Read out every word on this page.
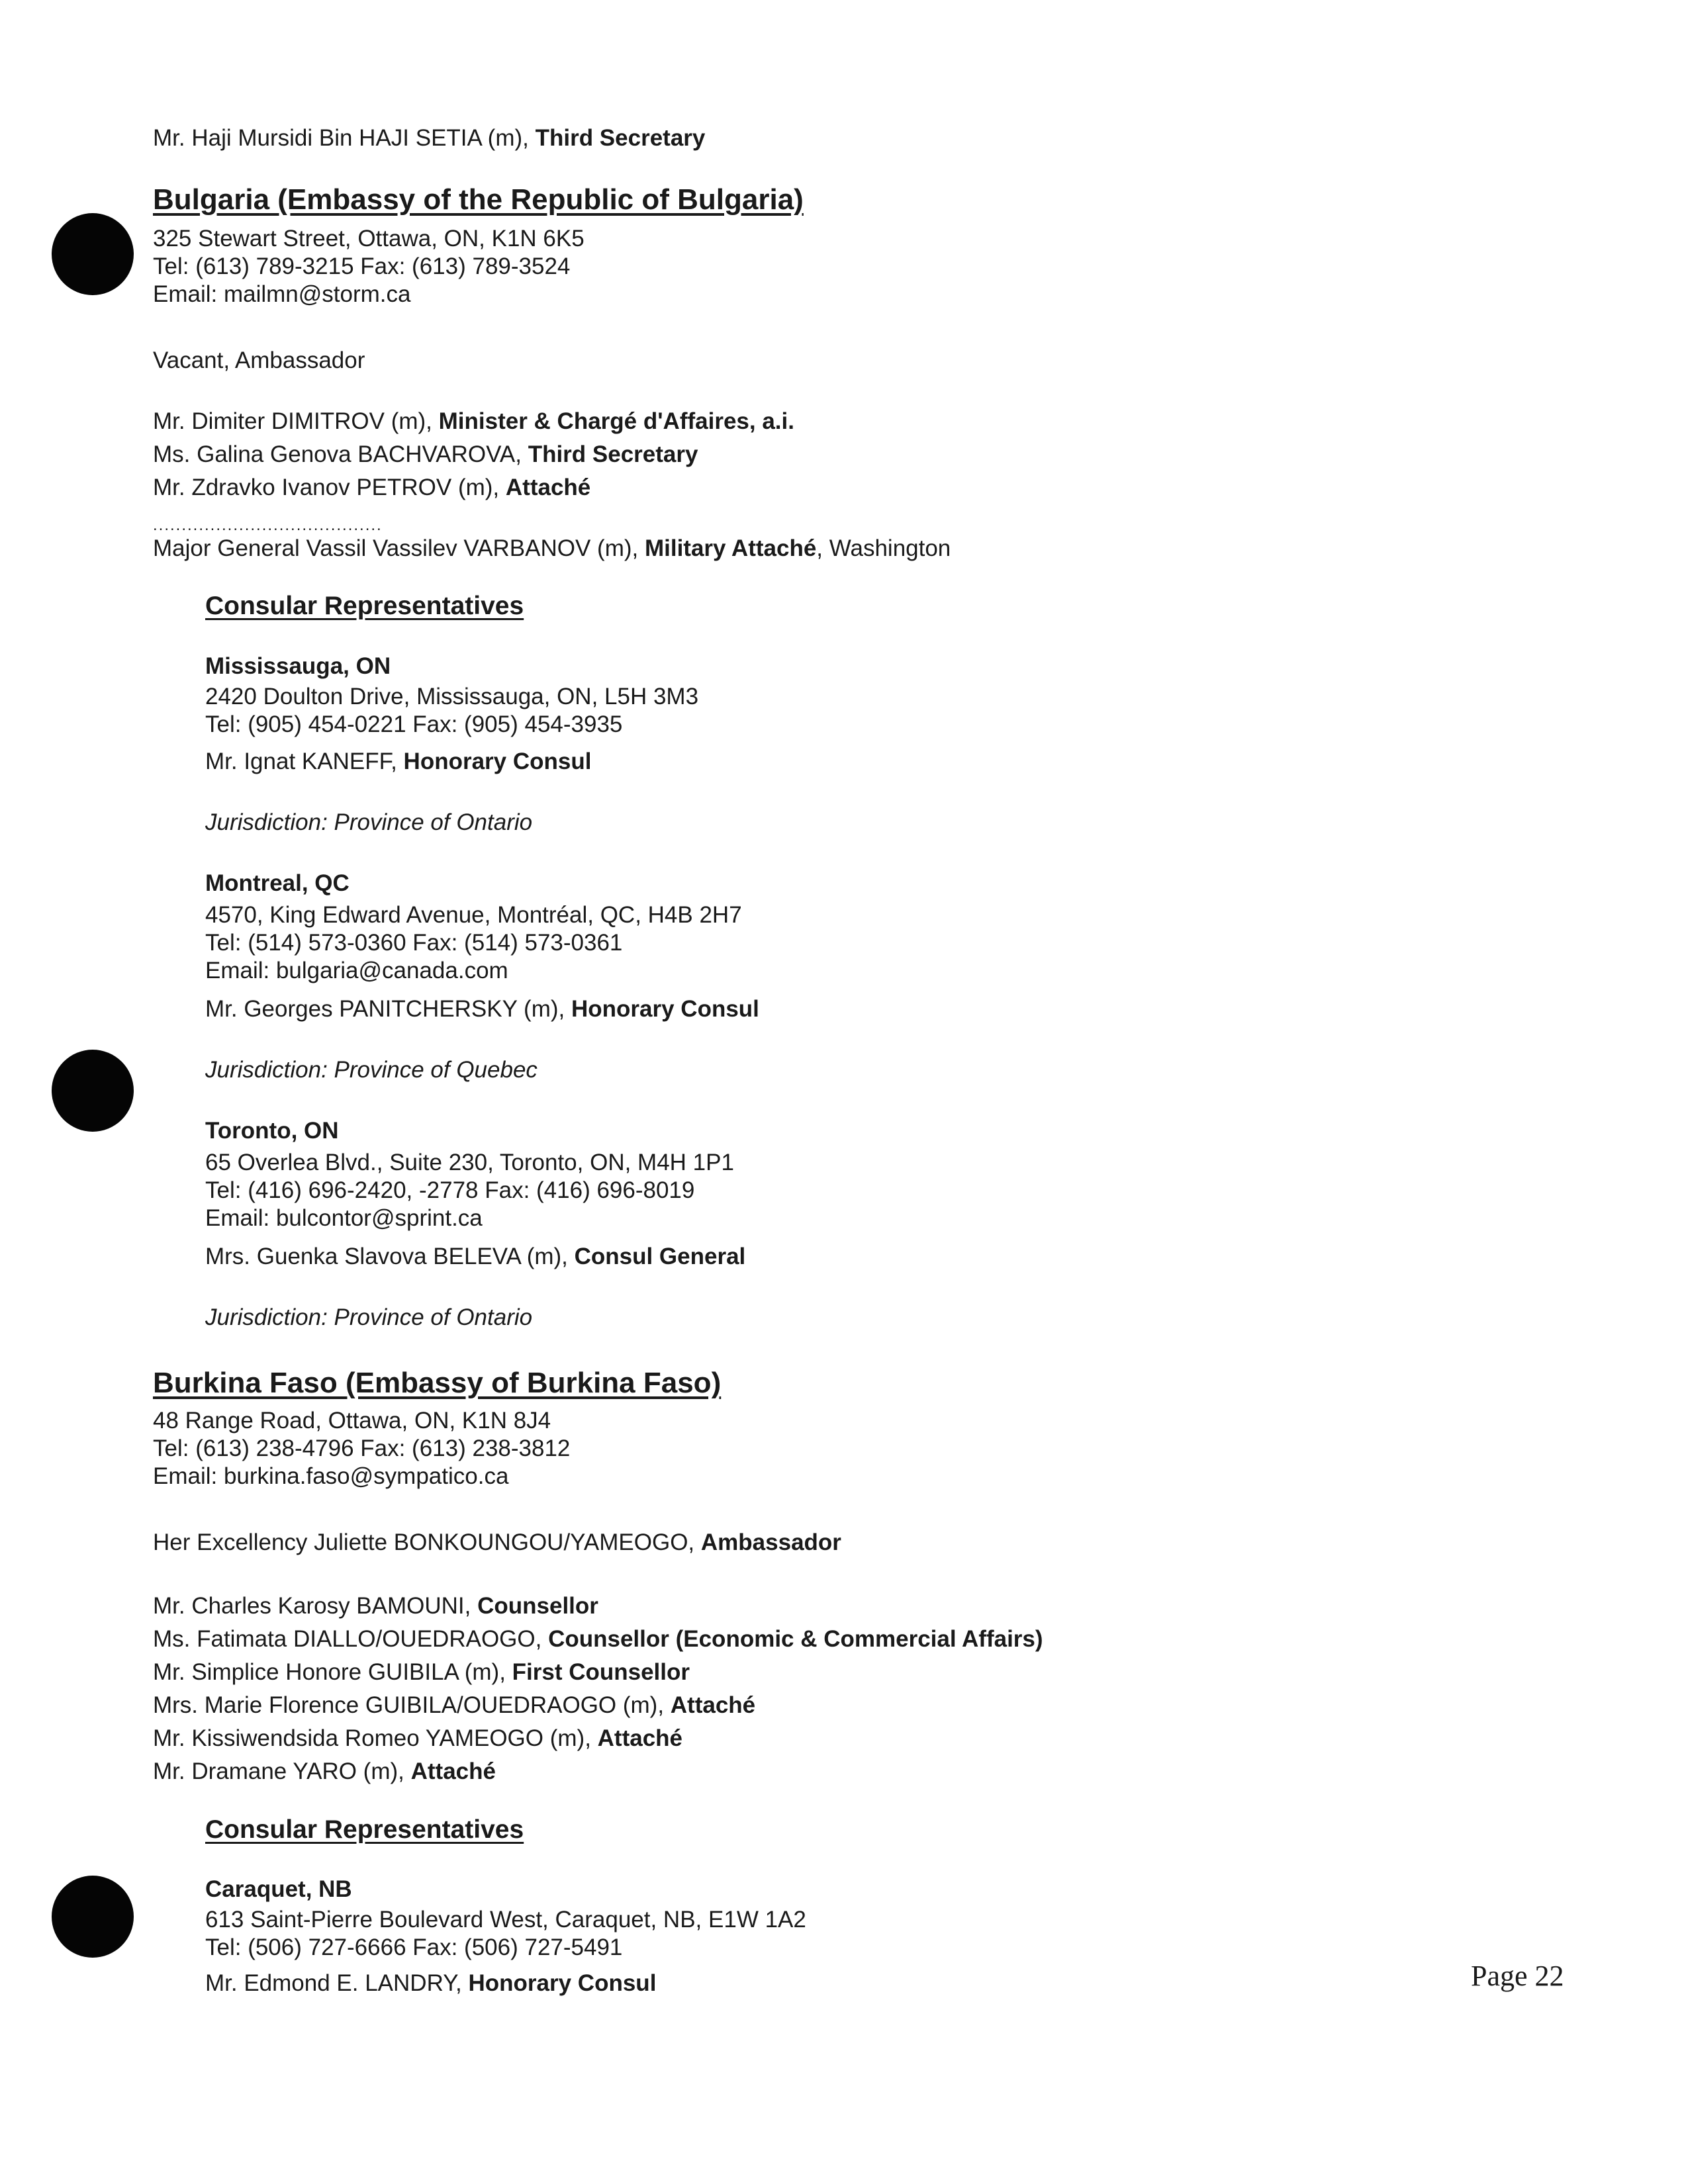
Mr. Haji Mursidi Bin HAJI SETIA (m), Third Secretary
Bulgaria (Embassy of the Republic of Bulgaria)
325 Stewart Street, Ottawa, ON, K1N 6K5
Tel: (613) 789-3215 Fax: (613) 789-3524
Email: mailmn@storm.ca
Vacant, Ambassador
Mr. Dimiter DIMITROV (m), Minister & Chargé d'Affaires, a.i.
Ms. Galina Genova BACHVAROVA, Third Secretary
Mr. Zdravko Ivanov PETROV (m), Attaché
........................................
Major General Vassil Vassilev VARBANOV (m), Military Attaché, Washington
Consular Representatives
Mississauga, ON
2420 Doulton Drive, Mississauga, ON, L5H 3M3
Tel: (905) 454-0221 Fax: (905) 454-3935
Mr. Ignat KANEFF, Honorary Consul
Jurisdiction: Province of Ontario
Montreal, QC
4570, King Edward Avenue, Montréal, QC, H4B 2H7
Tel: (514) 573-0360 Fax: (514) 573-0361
Email: bulgaria@canada.com
Mr. Georges PANITCHERSKY (m), Honorary Consul
Jurisdiction: Province of Quebec
Toronto, ON
65 Overlea Blvd., Suite 230, Toronto, ON, M4H 1P1
Tel: (416) 696-2420, -2778 Fax: (416) 696-8019
Email: bulcontor@sprint.ca
Mrs. Guenka Slavova BELEVA (m), Consul General
Jurisdiction: Province of Ontario
Burkina Faso (Embassy of Burkina Faso)
48 Range Road, Ottawa, ON, K1N 8J4
Tel: (613) 238-4796 Fax: (613) 238-3812
Email: burkina.faso@sympatico.ca
Her Excellency Juliette BONKOUNGOU/YAMEOGO, Ambassador
Mr. Charles Karosy BAMOUNI, Counsellor
Ms. Fatimata DIALLO/OUEDRAOGO, Counsellor (Economic & Commercial Affairs)
Mr. Simplice Honore GUIBILA (m), First Counsellor
Mrs. Marie Florence GUIBILA/OUEDRAOGO (m), Attaché
Mr. Kissiwendsida Romeo YAMEOGO (m), Attaché
Mr. Dramane YARO (m), Attaché
Consular Representatives
Caraquet, NB
613 Saint-Pierre Boulevard West, Caraquet, NB, E1W 1A2
Tel: (506) 727-6666 Fax: (506) 727-5491
Mr. Edmond E. LANDRY, Honorary Consul	Page 22
